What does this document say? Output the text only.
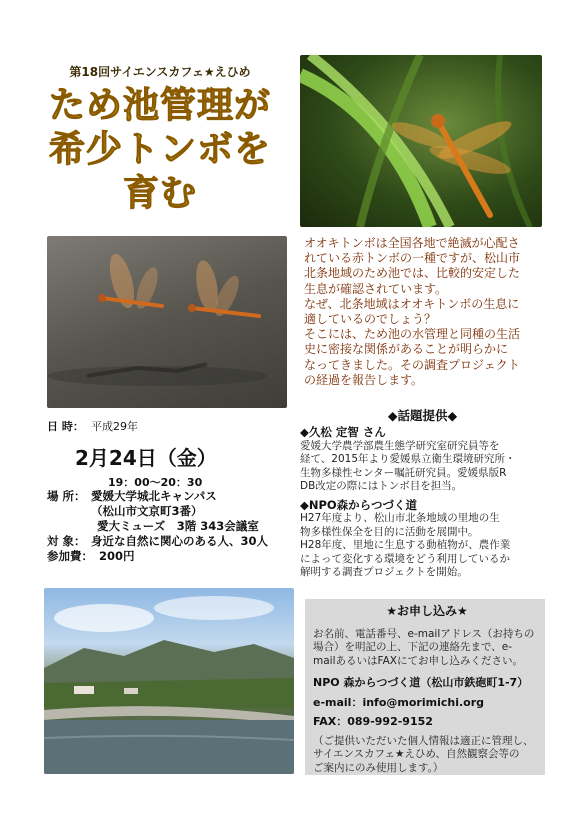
第18回サイエンスカフェ★えひめ
ため池管理が
希少トンボを
育む

オオキトンボは全国各地で絶滅が心配さ

れている赤トンボの一種ですが、松山市

北条地域のため池では、比較的安定した

生息が確認されています。

なぜ、北条地域はオオキトンボの生息に

適しているのでしょう？

そこには、ため池の水管理と同種の生活

史に密接な関係があることが明らかに

なってきました。その調査プロジェクト

の経過を報告します。

◆話題提供◆
◆久松 定智 さん
愛媛大学農学部農生態学研究室研究員等を
経て、2015年より愛媛県立衛生環境研究所・
生物多様性センター嘱託研究員。愛媛県版R
DB改定の際にはトンボ目を担当。
◆NPO森からつづく道
H27年度より、松山市北条地域の里地の生
物多様性保全を目的に活動を展開中。
H28年度、里地に生息する動植物が、農作業
によって変化する環境をどう利用しているか
解明する調査プロジェクトを開始。
日 時： 平成29年
2月24日（金）
19：00～20：30
場 所： 愛媛大学城北キャンパス
（松山市文京町3番）
愛大ミューズ　3階 343会議室
対 象： 身近な自然に関心のある人、30人
参加費： 200円
★お申し込み★
お名前、電話番号、e-mailアドレス（お持ちの
場合）を明記の上、下記の連絡先まで、e-
mailあるいはFAXにてお申し込みください。
NPO 森からつづく道（松山市鉄砲町1-7）
e-mail：info@morimichi.org
FAX：089-992-9152
（ご提供いただいた個人情報は適正に管理し、
サイエンスカフェ★えひめ、自然観察会等の
ご案内にのみ使用します。）
